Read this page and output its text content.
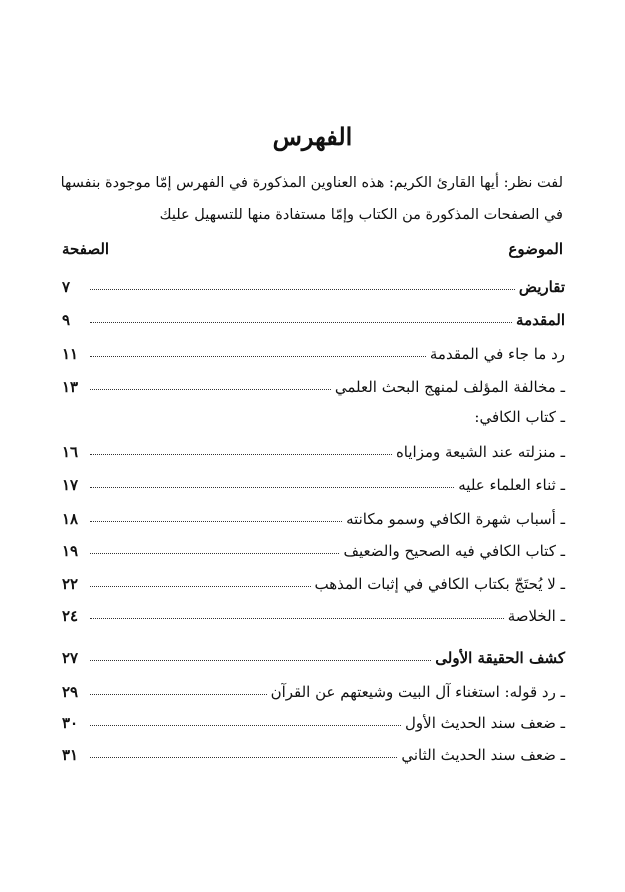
الفهرس
لفت نظر: أيها القارئ الكريم: هذه العناوين المذكورة في الفهرس إمّا موجودة بنفسها
في الصفحات المذكورة من الكتاب وإمّا مستفادة منها للتسهيل عليك
الموضوع
الصفحة
تقاريض
٧
المقدمة
٩
رد ما جاء في المقدمة
١١
ـ مخالفة المؤلف لمنهج البحث العلمي
١٣
ـ كتاب الكافي:
ـ منزلته عند الشيعة ومزاياه
١٦
ـ ثناء العلماء عليه
١٧
ـ أسباب شهرة الكافي وسمو مكانته
١٨
ـ كتاب الكافي فيه الصحيح والضعيف
١٩
ـ لا يُحتَجّ بكتاب الكافي في إثبات المذهب
٢٢
ـ الخلاصة
٢٤
كشف الحقيقة الأولى
٢٧
ـ رد قوله: استغناء آل البيت وشيعتهم عن القرآن
٢٩
ـ ضعف سند الحديث الأول
٣٠
ـ ضعف سند الحديث الثاني
٣١
